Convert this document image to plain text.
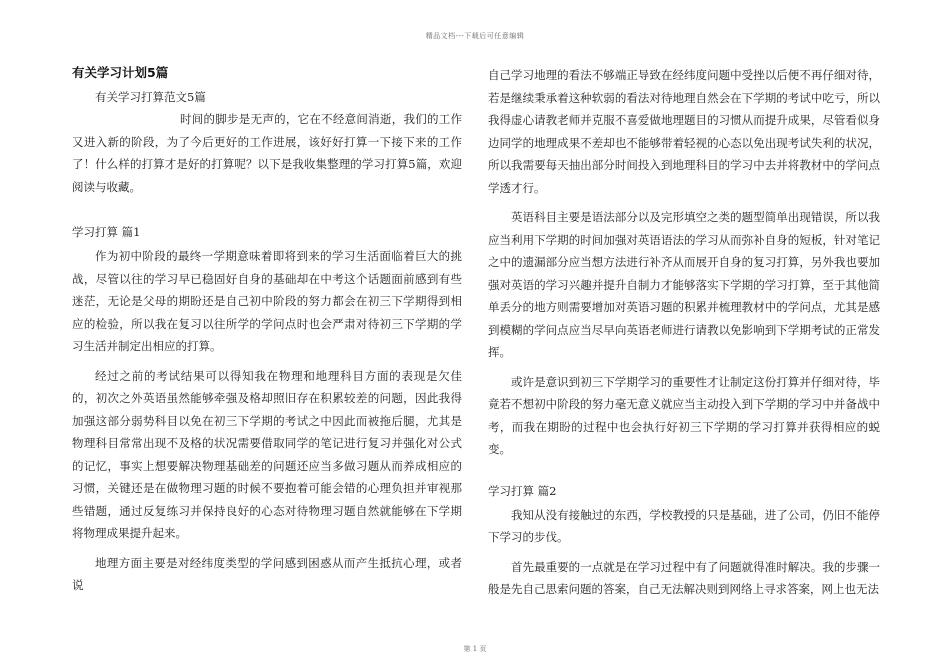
精品文档---下载后可任意编辑
有关学习计划5篇

有关学习打算范文5篇

时间的脚步是无声的，它在不经意间消逝，我们的工作又进入新的阶段，为了今后更好的工作进展，该好好打算一下接下来的工作了！什么样的打算才是好的打算呢？以下是我收集整理的学习打算5篇，欢迎阅读与收藏。

学习打算 篇1

作为初中阶段的最终一学期意味着即将到来的学习生活面临着巨大的挑战，尽管以往的学习早已稳固好自身的基础却在中考这个话题面前感到有些迷茫，无论是父母的期盼还是自己初中阶段的努力都会在初三下学期得到相应的检验，所以我在复习以往所学的学问点时也会严肃对待初三下学期的学习生活并制定出相应的打算。

经过之前的考试结果可以得知我在物理和地理科目方面的表现是欠佳的，初次之外英语虽然能够牵强及格却照旧存在积累较差的问题，因此我得加强这部分弱势科目以免在初三下学期的考试之中因此而被拖后腿，尤其是物理科目常常出现不及格的状况需要借取同学的笔记进行复习并强化对公式的记忆，事实上想要解决物理基础差的问题还应当多做习题从而养成相应的习惯，关键还是在做物理习题的时候不要抱着可能会错的心理负担并审视那些错题，通过反复练习并保持良好的心态对待物理习题自然就能够在下学期将物理成果提升起来。

地理方面主要是对经纬度类型的学问感到困惑从而产生抵抗心理，或者说

自己学习地理的看法不够端正导致在经纬度问题中受挫以后便不再仔细对待，若是继续秉承着这种软弱的看法对待地理自然会在下学期的考试中吃亏，所以我得虚心请教老师并克服不喜爱做地理题目的习惯从而提升成果，尽管看似身边同学的地理成果不差却也不能够带着轻视的心态以免出现考试失利的状况，所以我需要每天抽出部分时间投入到地理科目的学习中去并将教材中的学问点学透才行。

英语科目主要是语法部分以及完形填空之类的题型简单出现错误，所以我应当利用下学期的时间加强对英语语法的学习从而弥补自身的短板，针对笔记之中的遗漏部分应当想方法进行补齐从而展开自身的复习打算，另外我也要加强对英语的学习兴趣并提升自制力才能够落实下学期的学习打算，至于其他简单丢分的地方则需要增加对英语习题的积累并梳理教材中的学问点，尤其是感到模糊的学问点应当尽早向英语老师进行请教以免影响到下学期考试的正常发挥。

或许是意识到初三下学期学习的重要性才让制定这份打算并仔细对待，毕竟若不想初中阶段的努力毫无意义就应当主动投入到下学期的学习中并备战中考，而我在期盼的过程中也会执行好初三下学期的学习打算并获得相应的蜕变。

学习打算 篇2

我知从没有接触过的东西，学校教授的只是基础，进了公司，仍旧不能停下学习的步伐。

首先最重要的一点就是在学习过程中有了问题就得准时解决。我的步骤一般是先自己思索问题的答案，自己无法解决则到网络上寻求答案，网上也无法

第 1 页
